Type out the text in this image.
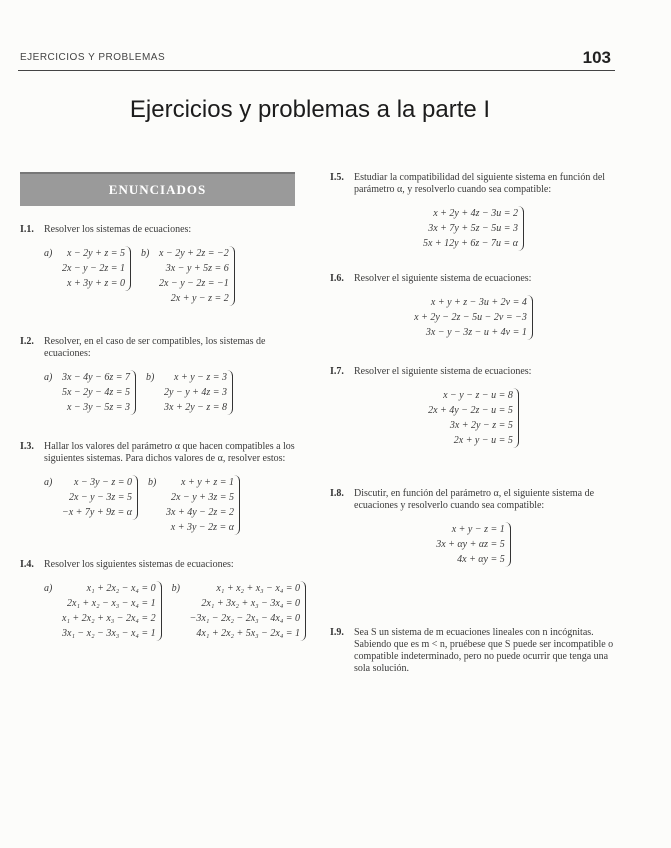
EJERCICIOS Y PROBLEMAS	103
Ejercicios y problemas a la parte I
ENUNCIADOS
I.1. Resolver los sistemas de ecuaciones:

a)	x − 2y + z = 5
2x − y − 2z = 1
x + 3y + z = 0
b) x − 2y + 2z = −2
3x − y + 5z = 6
2x − y − 2z = −1
2x + y − z = 2
I.2. Resolver, en el caso de ser compatibles, los sistemas de ecuaciones:

a) 3x − 4y − 6z = 7
5x − 2y − 4z = 5
x − 3y − 5z = 3
b)	x + y − z = 3
2y − y + 4z = 3
3x + 2y − z = 8
I.3. Hallar los valores del parámetro α que hacen compatibles a los siguientes sistemas. Para dichos valores de α, resolver estos:

a)	x − 3y − z = 0
2x − y − 3z = 5
−x + 7y + 9z = α
b)	x + y + z = 1
2x − y + 3z = 5
3x + 4y − 2z = 2
x + 3y − 2z = α
I.4. Resolver los siguientes sistemas de ecuaciones:

a)	x₁ + 2x₂ − x₄ = 0
2x₁ + x₂ − x₃ − x₄ = 1
x₁ + 2x₂ + x₃ − 2x₄ = 2
3x₁ − x₂ − 3x₃ − x₄ = 1
b)	x₁ + x₂ + x₃ − x₄ = 0
2x₁ + 3x₂ + x₃ − 3x₄ = 0
−3x₁ − 2x₂ − 2x₃ − 4x₄ = 0
4x₁ + 2x₂ + 5x₃ − 2x₄ = 1
I.5. Estudiar la compatibilidad del siguiente sistema en función del parámetro α, y resolverlo cuando sea compatible:

x + 2y + 4z − 3u = 2
3x + 7y + 5z − 5u = 3
5x + 12y + 6z − 7u = α
I.6. Resolver el siguiente sistema de ecuaciones:

x + y + z − 3u + 2v = 4
x + 2y − 2z − 5u − 2v = −3
3x − y − 3z − u + 4v = 1
I.7. Resolver el siguiente sistema de ecuaciones:

x − y − z − u = 8
2x + 4y − 2z − u = 5
3x + 2y − z = 5
2x + y − u = 5
I.8. Discutir, en función del parámetro α, el siguiente sistema de ecuaciones y resolverlo cuando sea compatible:

x + y − z = 1
3x + αy + αz = 5
4x + αy = 5
I.9. Sea S un sistema de m ecuaciones lineales con n incógnitas. Sabiendo que es m < n, pruébese que S puede ser incompatible o compatible indeterminado, pero no puede ocurrir que tenga una sola solución.
